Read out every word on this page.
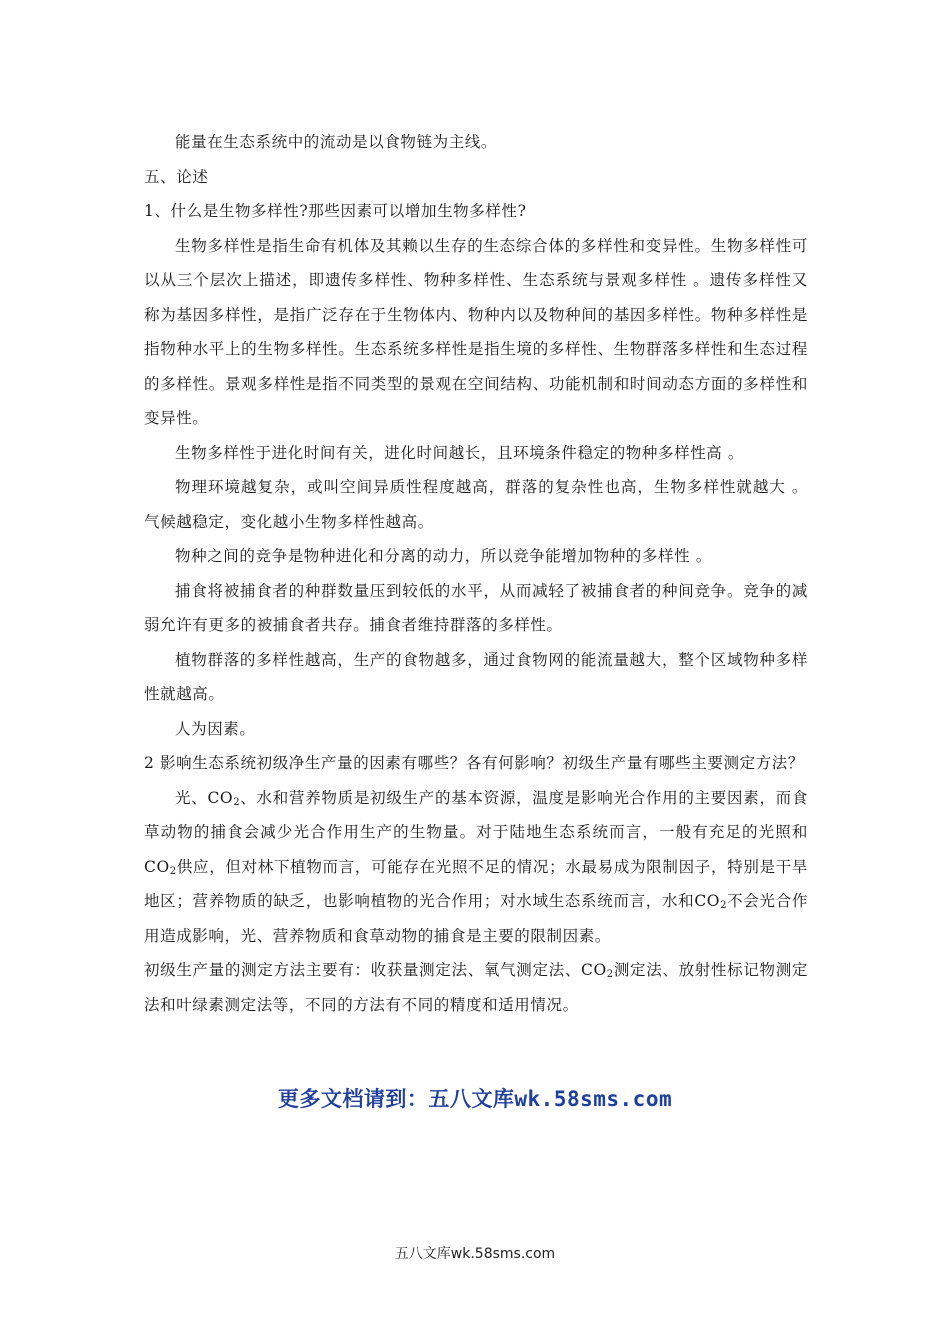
能量在生态系统中的流动是以食物链为主线。

五、论述

1、什么是生物多样性?那些因素可以增加生物多样性?

生物多样性是指生命有机体及其赖以生存的生态综合体的多样性和变异性。生物多样性可以从三个层次上描述，即遗传多样性、物种多样性、生态系统与景观多样性 。遗传多样性又称为基因多样性，是指广泛存在于生物体内、物种内以及物种间的基因多样性。物种多样性是指物种水平上的生物多样性。生态系统多样性是指生境的多样性、生物群落多样性和生态过程的多样性。景观多样性是指不同类型的景观在空间结构、功能机制和时间动态方面的多样性和变异性。

生物多样性于进化时间有关，进化时间越长，且环境条件稳定的物种多样性高 。

物理环境越复杂，或叫空间异质性程度越高，群落的复杂性也高，生物多样性就越大 。气候越稳定，变化越小生物多样性越高。

物种之间的竞争是物种进化和分离的动力，所以竞争能增加物种的多样性 。

捕食将被捕食者的种群数量压到较低的水平，从而减轻了被捕食者的种间竞争。竞争的减弱允许有更多的被捕食者共存。捕食者维持群落的多样性。

植物群落的多样性越高，生产的食物越多，通过食物网的能流量越大，整个区域物种多样性就越高。

人为因素。

2 影响生态系统初级净生产量的因素有哪些？各有何影响？初级生产量有哪些主要测定方法？

光、$CO_2$、水和营养物质是初级生产的基本资源，温度是影响光合作用的主要因素，而食草动物的捕食会减少光合作用生产的生物量。对于陆地生态系统而言，一般有充足的光照和$CO_2$供应，但对林下植物而言，可能存在光照不足的情况；水最易成为限制因子，特别是干旱地区；营养物质的缺乏，也影响植物的光合作用；对水域生态系统而言，水和$CO_2$不会光合作用造成影响，光、营养物质和食草动物的捕食是主要的限制因素。

初级生产量的测定方法主要有：收获量测定法、氧气测定法、$CO_2$测定法、放射性标记物测定法和叶绿素测定法等，不同的方法有不同的精度和适用情况。

更多文档请到：五八文库wk.58sms.com
五八文库wk.58sms.com
